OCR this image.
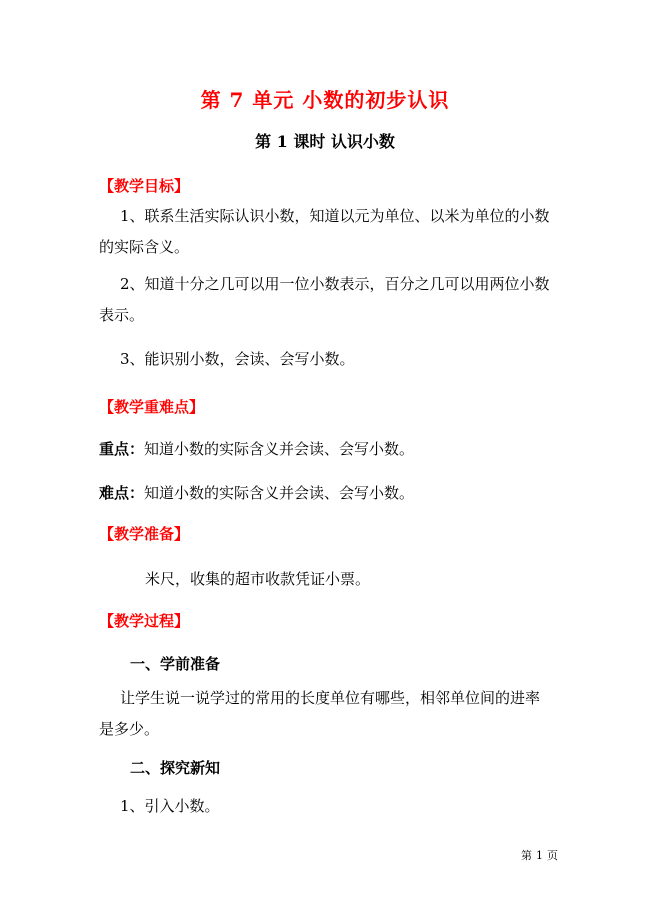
第 7 单元 小数的初步认识
第 1 课时 认识小数
【教学目标】
1、联系生活实际认识小数，知道以元为单位、以米为单位的小数的实际含义。
2、知道十分之几可以用一位小数表示，百分之几可以用两位小数表示。
3、能识别小数，会读、会写小数。
【教学重难点】
重点：知道小数的实际含义并会读、会写小数。
难点：知道小数的实际含义并会读、会写小数。
【教学准备】
米尺，收集的超市收款凭证小票。
【教学过程】
一、学前准备
让学生说一说学过的常用的长度单位有哪些，相邻单位间的进率是多少。
二、探究新知
1、引入小数。
第 1 页
